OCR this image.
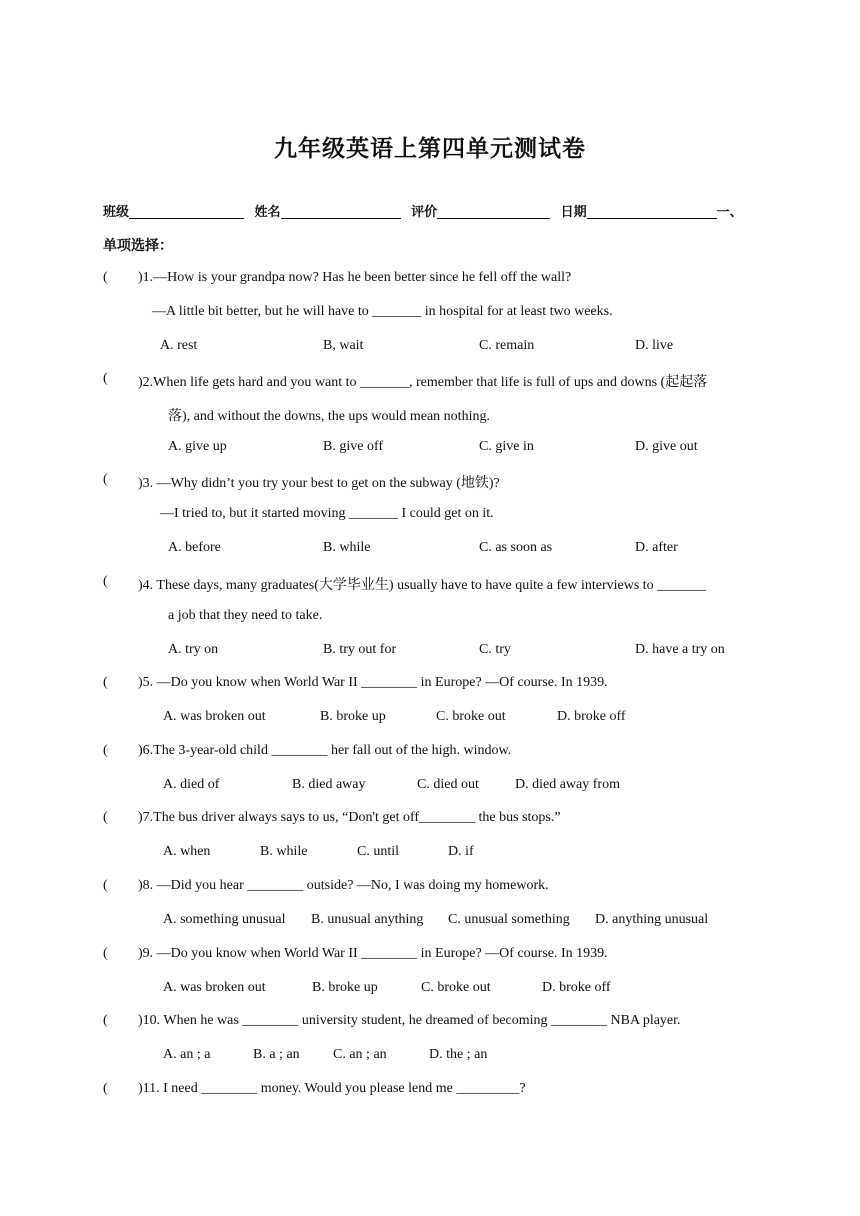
九年级英语上第四单元测试卷
班级	姓名	评价	日期	一、
单项选择：
( )1.—How is your grandpa now? Has he been better since he fell off the wall?
—A little bit better, but he will have to _______ in hospital for at least two weeks.
A. rest	B, wait	C. remain	D. live
( )2.When life gets hard and you want to _______, remember that life is full of ups and downs (起起落
落), and without the downs, the ups would mean nothing.
A. give up	B. give off	C. give in	D. give out
( )3. —Why didn’t you try your best to get on the subway (地铁)?
—I tried to, but it started moving _______ I could get on it.
A. before	B. while	C. as soon as	D. after
( )4. These days, many graduates(大学毕业生) usually have to have quite a few interviews to _______
a job that they need to take.
A. try on	B. try out for	C. try	D. have a try on
( )5. —Do you know when World War II ________ in Europe? —Of course. In 1939.
A. was broken out	B. broke up	C. broke out	D. broke off
( )6.The 3-year-old child ________ her fall out of the high. window.
A. died of	B. died away	C. died out	D. died away from
( )7.The bus driver always says to us, “Don't get off________ the bus stops.”
A. when	B. while	C. until	D. if
( )8. —Did you hear ________ outside? —No, I was doing my homework.
A. something unusual B. unusual anything C. unusual something D. anything unusual
( )9. —Do you know when World War II ________ in Europe? —Of course. In 1939.
A. was broken out	B. broke up	C. broke out	D. broke off
( )10. When he was ________ university student, he dreamed of becoming ________ NBA player.
A. an ; a	B. a ; an C. an ; an	D. the ; an
( )11. I need ________ money. Would you please lend me _________?
